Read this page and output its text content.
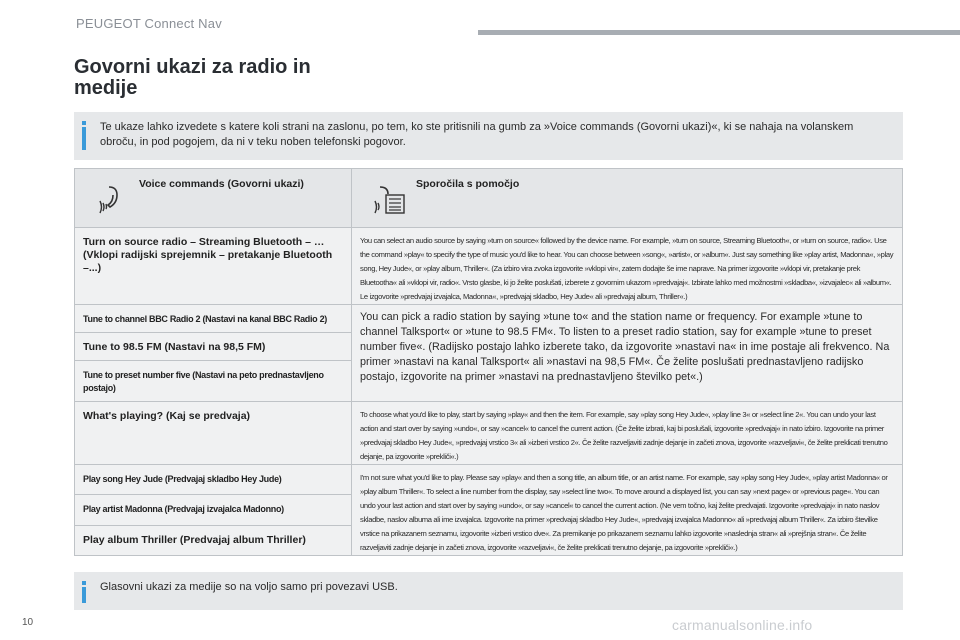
PEUGEOT Connect Nav
Govorni ukazi za radio in medije
Te ukaze lahko izvedete s katere koli strani na zaslonu, po tem, ko ste pritisnili na gumb za »Voice commands (Govorni ukazi)«, ki se nahaja na volanskem obroču, in pod pogojem, da ni v teku noben telefonski pogovor.
Voice commands (Govorni ukazi)	Sporočila s pomočjo

Turn on source radio – Streaming Bluetooth – … (Vklopi radijski sprejemnik – pretakanje Bluetooth –...)	You can select an audio source by saying »turn on source« followed by the device name. For example, »turn on source, Streaming Bluetooth«, or »turn on source, radio«. Use the command »play« to specify the type of music you'd like to hear. You can choose between »song«, »artist«, or »album«. Just say something like »play artist, Madonna«, »play song, Hey Jude«, or »play album, Thriller«. (Za izbiro vira zvoka izgovorite »vklopi vir«, zatem dodajte še ime naprave. Na primer izgovorite »vklopi vir, pretakanje prek Bluetootha« ali »vklopi vir, radio«. Vrsto glasbe, ki jo želite poslušati, izberete z govornim ukazom »predvajaj«. Izbirate lahko med možnostmi »skladba«, »izvajalec« ali »album«. Le izgovorite »predvajaj izvajalca, Madonna«, »predvajaj skladbo, Hey Jude« ali »predvajaj album, Thriller«.)

Tune to channel BBC Radio 2 (Nastavi na kanal BBC Radio 2)	You can pick a radio station by saying »tune to« and the station name or frequency. For example »tune to channel Talksport« or »tune to 98.5 FM«. To listen to a preset radio station, say for example »tune to preset number five«. (Radijsko postajo lahko izberete tako, da izgovorite »nastavi na« in ime postaje ali frekvenco. Na primer »nastavi na kanal Talksport« ali »nastavi na 98,5 FM«. Če želite poslušati prednastavljeno radijsko postajo, izgovorite na primer »nastavi na prednastavljeno številko pet«.)

Tune to 98.5 FM (Nastavi na 98,5 FM)	

Tune to preset number five (Nastavi na peto prednastavljeno postajo)	

What's playing? (Kaj se predvaja)	To choose what you'd like to play, start by saying »play« and then the item. For example, say »play song Hey Jude«, »play line 3« or »select line 2«. You can undo your last action and start over by saying »undo«, or say »cancel« to cancel the current action. (Če želite izbrati, kaj bi poslušali, izgovorite »predvajaj« in nato izbiro. Izgovorite na primer »predvajaj skladbo Hey Jude«, »predvajaj vrstico 3« ali »izberi vrstico 2«. Če želite razveljaviti zadnje dejanje in začeti znova, izgovorite »razveljavi«, če želite preklicati trenutno dejanje, pa izgovorite »prekliči«.)

Play song Hey Jude (Predvajaj skladbo Hey Jude)	I'm not sure what you'd like to play. Please say »play« and then a song title, an album title, or an artist name. For example, say »play song Hey Jude«, »play artist Madonna« or »play album Thriller«. To select a line number from the display, say »select line two«. To move around a displayed list, you can say »next page« or »previous page«. You can undo your last action and start over by saying »undo«, or say »cancel« to cancel the current action. (Ne vem točno, kaj želite predvajati. Izgovorite »predvajaj« in nato naslov skladbe, naslov albuma ali ime izvajalca. Izgovorite na primer »predvajaj skladbo Hey Jude«, »predvajaj izvajalca Madonno« ali »predvajaj album Thriller«. Za izbiro številke vrstice na prikazanem seznamu, izgovorite »izberi vrstico dve«. Za premikanje po prikazanem seznamu lahko izgovorite »naslednja stran« ali »prejšnja stran«. Če želite razveljaviti zadnje dejanje in začeti znova, izgovorite »razveljavi«, če želite preklicati trenutno dejanje, pa izgovorite »prekliči«.)

Play artist Madonna (Predvajaj izvajalca Madonno)	

Play album Thriller (Predvajaj album Thriller)	
Glasovni ukazi za medije so na voljo samo pri povezavi USB.
10	carmanualsonline.info
